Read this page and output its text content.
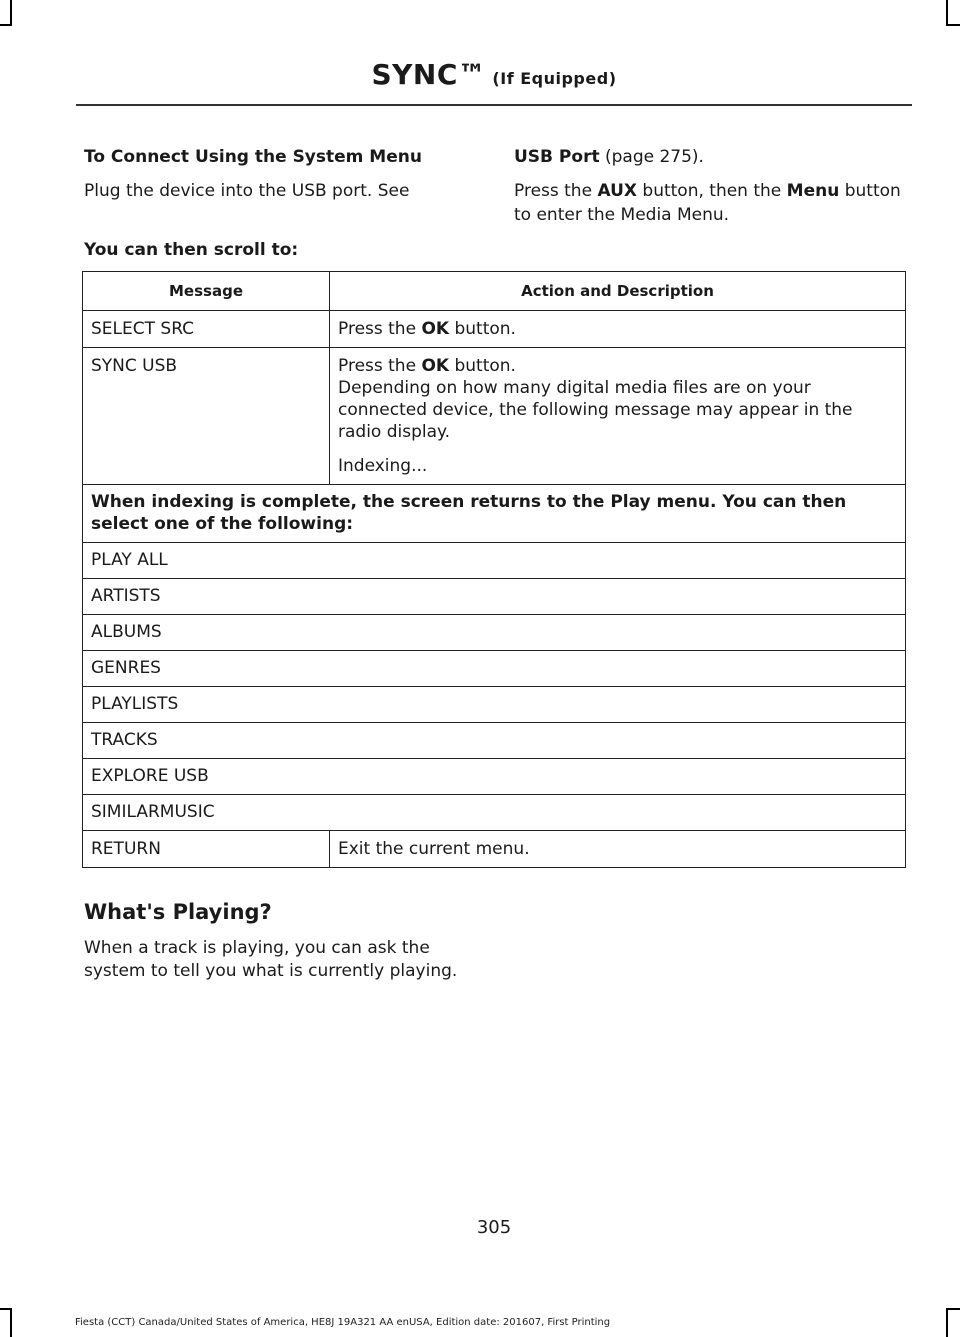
SYNC™ (If Equipped)
To Connect Using the System Menu

Plug the device into the USB port. See

USB Port (page 275).

Press the AUX button, then the Menu button to enter the Media Menu.

You can then scroll to:
Message	Action and Description
SELECT SRC	Press the OK button.
SYNC USB	Press the OK button.
Depending on how many digital media files are on your connected device, the following message may appear in the radio display.
Indexing...

When indexing is complete, the screen returns to the Play menu. You can then select one of the following:	
PLAY ALL	
ARTISTS	
ALBUMS	
GENRES	
PLAYLISTS	
TRACKS	
EXPLORE USB	
SIMILARMUSIC	
RETURN	Exit the current menu.
What's Playing?
When a track is playing, you can ask the system to tell you what is currently playing.
305
Fiesta (CCT) Canada/United States of America, HE8J 19A321 AA enUSA, Edition date: 201607, First Printing
